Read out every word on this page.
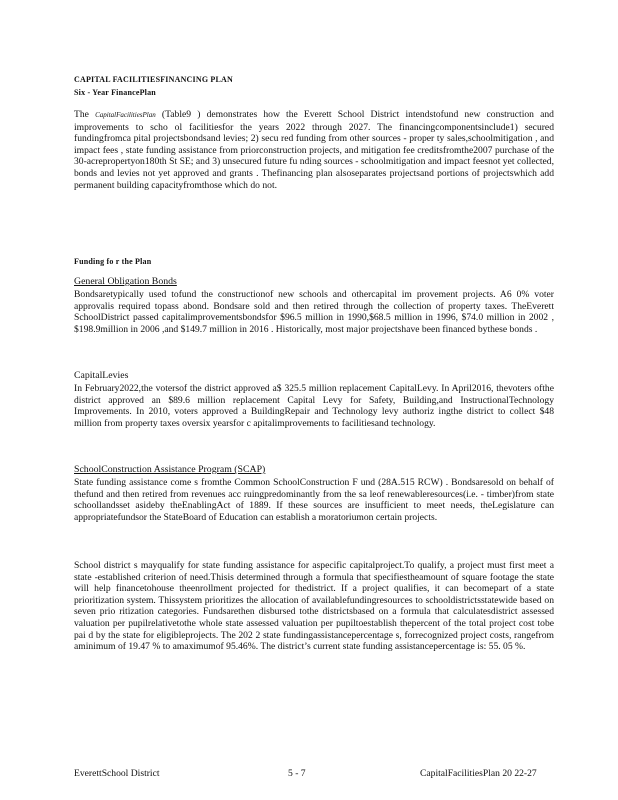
CAPITAL FACILITIESFINANCING PLAN
Six - Year FinancePlan

The CapitalFacilitiesPlan (Table9 ) demonstrates how the Everett School District intendstofund new construction and improvements to scho ol facilitiesfor the years 2022 through 2027. The financingcomponentsinclude1) secured fundingfromca pital projectsbondsand levies; 2) secu red funding from other sources - proper ty sales,schoolmitigation , and impact fees , state funding assistance from priorconstruction projects, and mitigation fee creditsfromthe2007 purchase of the 30-acrepropertyon180th St SE; and 3) unsecured future fu nding sources - schoolmitigation and impact feesnot yet collected, bonds and levies not yet approved and grants . Thefinancing plan alsoseparates projectsand portions of projectswhich add permanent building capacityfromthose which do not.

Funding fo r the Plan
General Obligation Bonds

Bondsaretypically used tofund the constructionof new schools and othercapital im provement projects. A6 0% voter approvalis required topass abond. Bondsare sold and then retired through the collection of property taxes. TheEverett SchoolDistrict passed capitalimprovementsbondsfor $96.5 million in 1990,$68.5 million in 1996, $74.0 million in 2002 , $198.9million in 2006 ,and $149.7 million in 2016 . Historically, most major projectshave been financed bythese bonds .

CapitalLevies

In February2022,the votersof the district approved a$ 325.5 million replacement CapitalLevy. In April2016, thevoters ofthe district approved an $89.6 million replacement Capital Levy for Safety, Building,and InstructionalTechnology Improvements. In 2010, voters approved a BuildingRepair and Technology levy authoriz ingthe district to collect $48 million from property taxes oversix yearsfor c apitalimprovements to facilitiesand technology.

SchoolConstruction Assistance Program (SCAP)

State funding assistance come s fromthe Common SchoolConstruction F und (28A.515 RCW) . Bondsaresold on behalf of thefund and then retired from revenues acc ruingpredominantly from the sa leof renewableresources(i.e. - timber)from state schoollandsset asideby theEnablingAct of 1889. If these sources are insufficient to meet needs, theLegislature can appropriatefundsor the StateBoard of Education can establish a moratoriumon certain projects.

School district s mayqualify for state funding assistance for aspecific capitalproject.To qualify, a project must first meet a state -established criterion of need.Thisis determined through a formula that specifiestheamount of square footage the state will help financetohouse theenrollment projected for thedistrict. If a project qualifies, it can becomepart of a state prioritization system. Thissystem prioritizes the allocation of availablefundingresources to schooldistrictsstatewide based on seven prio ritization categories. Fundsarethen disbursed tothe districtsbased on a formula that calculatesdistrict assessed valuation per pupilrelativetothe whole state assessed valuation per pupiltoestablish thepercent of the total project cost tobe pai d by the state for eligibleprojects. The 202 2 state fundingassistancepercentage s, forrecognized project costs, rangefrom aminimum of 19.47 % to amaximumof 95.46%. The district’s current state funding assistancepercentage is: 55. 05 %.

EverettSchool District	5 - 7	CapitalFacilitiesPlan 20 22-27
